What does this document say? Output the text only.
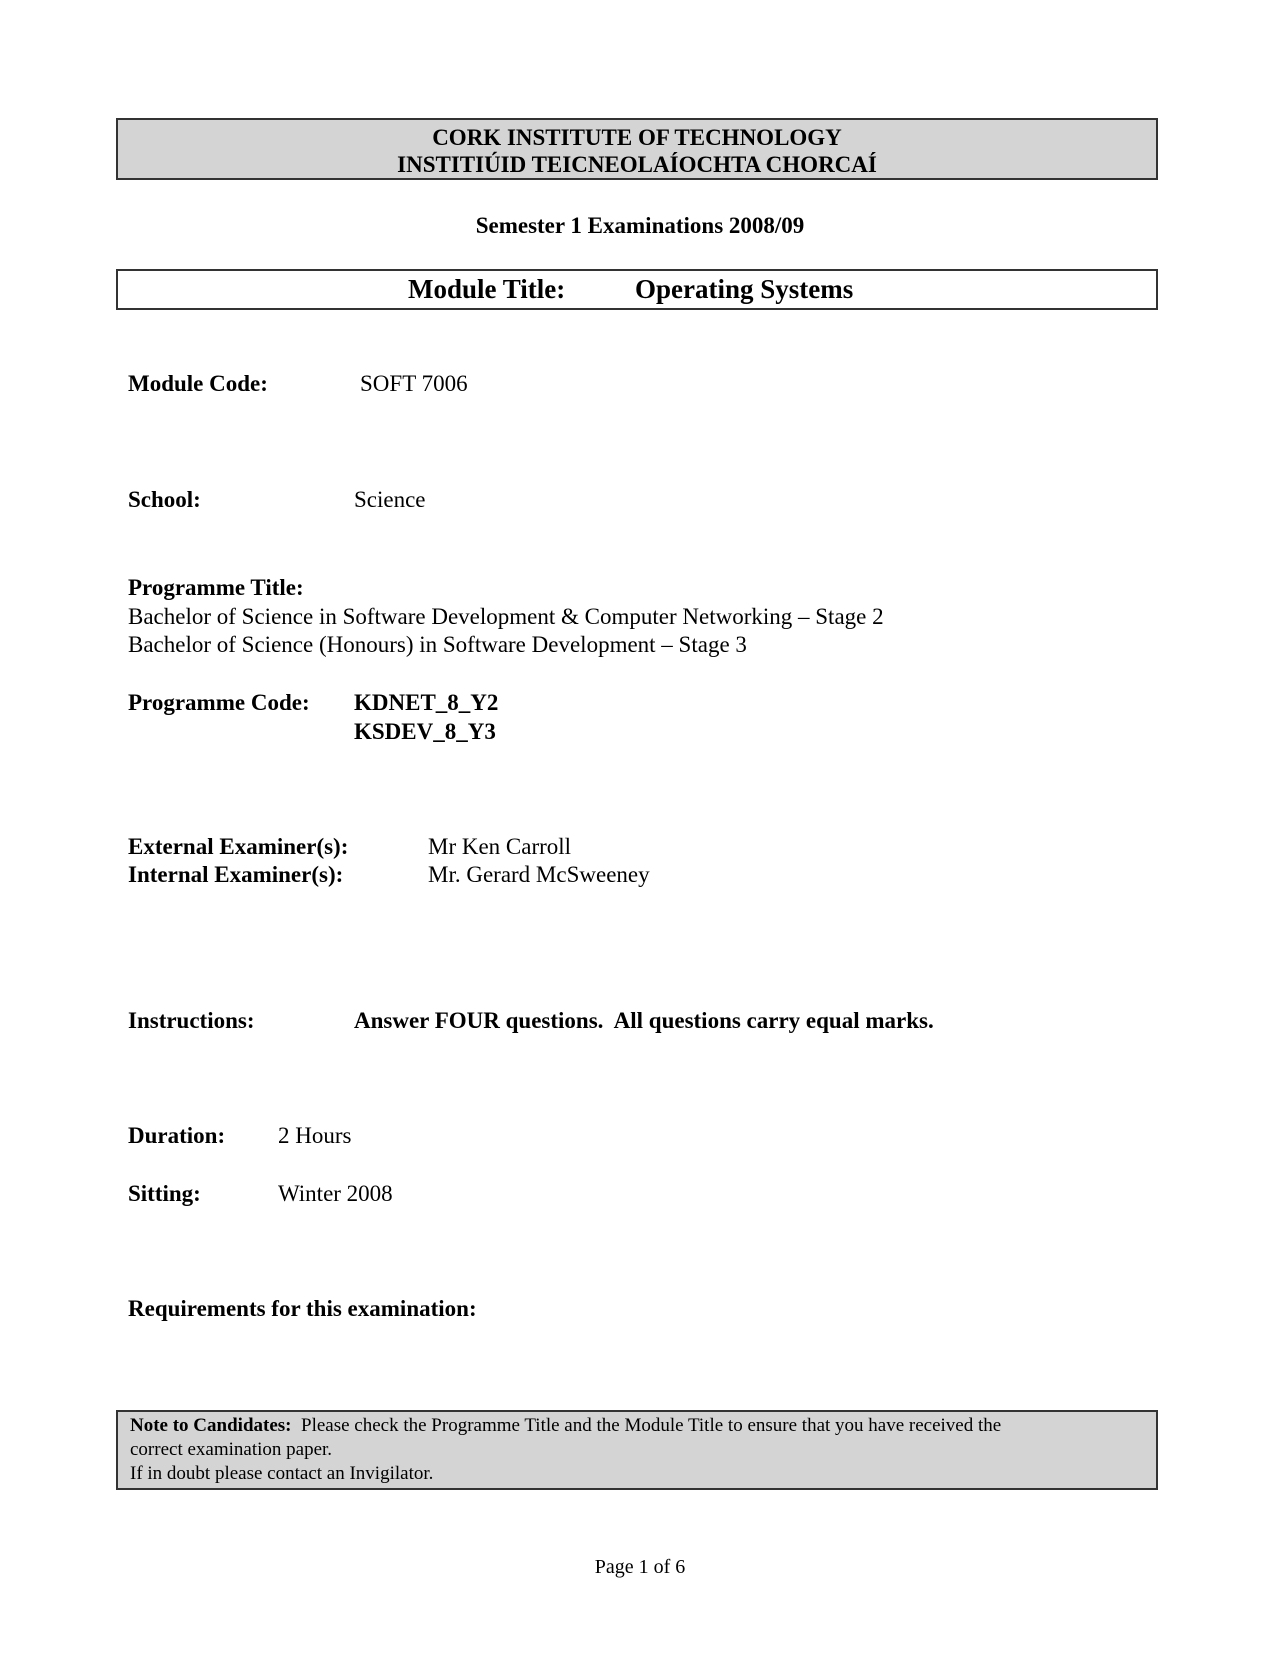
CORK INSTITUTE OF TECHNOLOGY
INSTITIÚID TEICNEOLAÍOCHTA CHORCAÍ
Semester 1 Examinations 2008/09
Module Title:	Operating Systems
Module Code:	SOFT 7006
School:	Science
Programme Title:
Bachelor of Science in Software Development & Computer Networking – Stage 2
Bachelor of Science (Honours) in Software Development – Stage 3
Programme Code: KDNET_8_Y2
KSDEV_8_Y3
External Examiner(s):	Mr Ken Carroll
Internal Examiner(s):	Mr. Gerard McSweeney
Instructions:	Answer FOUR questions.  All questions carry equal marks.
Duration: 2 Hours
Sitting:	Winter 2008
Requirements for this examination:
Note to Candidates: Please check the Programme Title and the Module Title to ensure that you have received the
correct examination paper.
If in doubt please contact an Invigilator.
Page 1 of 6
